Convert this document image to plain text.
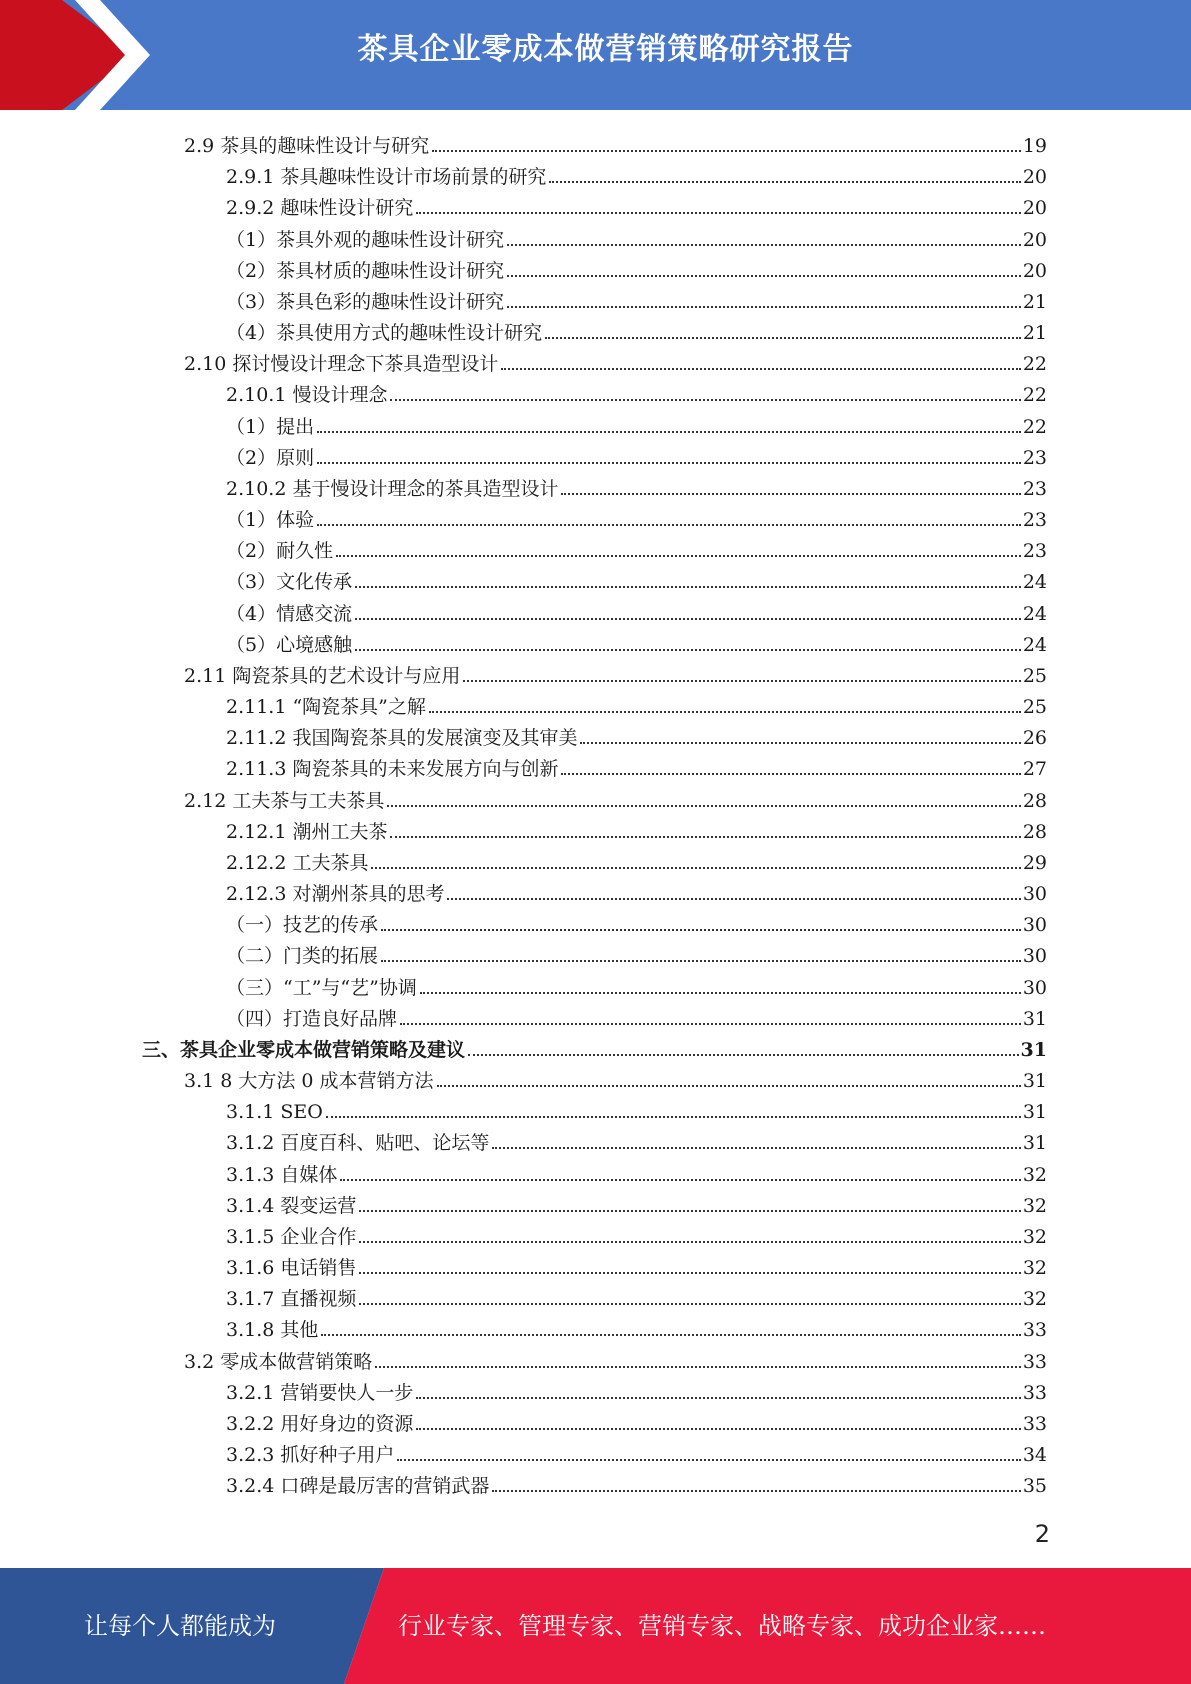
茶具企业零成本做营销策略研究报告
2.9 茶具的趣味性设计与研究	19
2.9.1 茶具趣味性设计市场前景的研究	20
2.9.2 趣味性设计研究	20
（1）茶具外观的趣味性设计研究	20
（2）茶具材质的趣味性设计研究	20
（3）茶具色彩的趣味性设计研究	21
（4）茶具使用方式的趣味性设计研究	21
2.10 探讨慢设计理念下茶具造型设计	22
2.10.1 慢设计理念	22
（1）提出	22
（2）原则	23
2.10.2 基于慢设计理念的茶具造型设计	23
（1）体验	23
（2）耐久性	23
（3）文化传承	24
（4）情感交流	24
（5）心境感触	24
2.11 陶瓷茶具的艺术设计与应用	25
2.11.1 “陶瓷茶具”之解	25
2.11.2 我国陶瓷茶具的发展演变及其审美	26
2.11.3 陶瓷茶具的未来发展方向与创新	27
2.12 工夫茶与工夫茶具	28
2.12.1 潮州工夫茶	28
2.12.2 工夫茶具	29
2.12.3 对潮州茶具的思考	30
（一）技艺的传承	30
（二）门类的拓展	30
（三）“工”与“艺”协调	30
（四）打造良好品牌	31
三、茶具企业零成本做营销策略及建议	31
3.1 8 大方法 0 成本营销方法	31
3.1.1 SEO	31
3.1.2 百度百科、贴吧、论坛等	31
3.1.3 自媒体	32
3.1.4 裂变运营	32
3.1.5 企业合作	32
3.1.6 电话销售	32
3.1.7 直播视频	32
3.1.8 其他	33
3.2 零成本做营销策略	33
3.2.1 营销要快人一步	33
3.2.2 用好身边的资源	33
3.2.3 抓好种子用户	34
3.2.4 口碑是最厉害的营销武器	35
2
让每个人都能成为	行业专家、管理专家、营销专家、战略专家、成功企业家……
